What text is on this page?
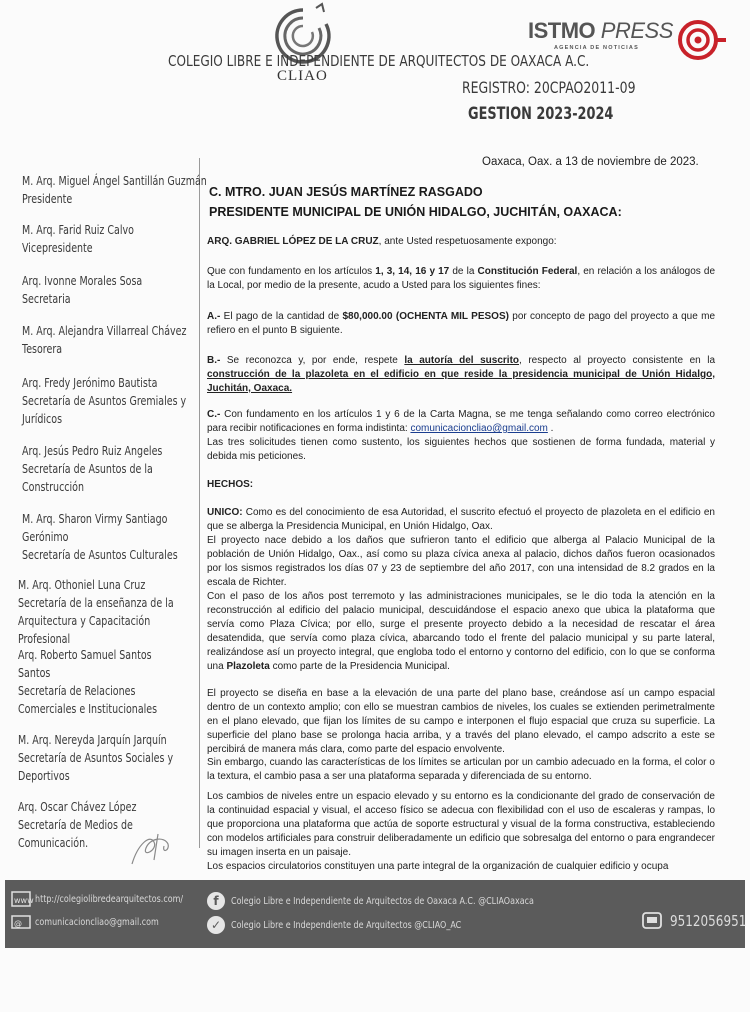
CLIAO
ISTMO PRESS
AGENCIA DE NOTICIAS
COLEGIO LIBRE E INDEPENDIENTE DE ARQUITECTOS DE OAXACA A.C.
REGISTRO: 20CPAO2011-09
GESTION 2023-2024
M. Arq. Miguel Ángel Santillán Guzmán
Presidente
M. Arq. Farid Ruiz Calvo
Vicepresidente
Arq. Ivonne Morales Sosa
Secretaria
M. Arq. Alejandra Villarreal Chávez
Tesorera
Arq. Fredy Jerónimo Bautista
Secretaría de Asuntos Gremiales y Jurídicos
Arq. Jesús Pedro Ruiz Angeles
Secretaría de Asuntos de la Construcción
M. Arq. Sharon Virmy Santiago Gerónimo
Secretaría de Asuntos Culturales
M. Arq. Othoniel Luna Cruz
Secretaría de la enseñanza de la Arquitectura y Capacitación Profesional
Arq. Roberto Samuel Santos Santos
Secretaría de Relaciones Comerciales e Institucionales
M. Arq. Nereyda Jarquín Jarquín
Secretaría de Asuntos Sociales y Deportivos
Arq. Oscar Chávez López
Secretaría de Medios de Comunicación.
Oaxaca, Oax. a 13 de noviembre de 2023.
C. MTRO. JUAN JESÚS MARTÍNEZ RASGADO
PRESIDENTE MUNICIPAL DE UNIÓN HIDALGO, JUCHITÁN, OAXACA:
ARQ. GABRIEL LÓPEZ DE LA CRUZ, ante Usted respetuosamente expongo:
Que con fundamento en los artículos 1, 3, 14, 16 y 17 de la Constitución Federal, en relación a los análogos de la Local, por medio de la presente, acudo a Usted para los siguientes fines:
A.- El pago de la cantidad de $80,000.00 (OCHENTA MIL PESOS) por concepto de pago del proyecto a que me refiero en el punto B siguiente.
B.- Se reconozca y, por ende, respete la autoría del suscrito, respecto al proyecto consistente en la construcción de la plazoleta en el edificio en que reside la presidencia municipal de Unión Hidalgo, Juchitán, Oaxaca.
C.- Con fundamento en los artículos 1 y 6 de la Carta Magna, se me tenga señalando como correo electrónico para recibir notificaciones en forma indistinta: comunicacioncliao@gmail.com .
Las tres solicitudes tienen como sustento, los siguientes hechos que sostienen de forma fundada, material y debida mis peticiones.
HECHOS:
UNICO: Como es del conocimiento de esa Autoridad, el suscrito efectuó el proyecto de plazoleta en el edificio en que se alberga la Presidencia Municipal, en Unión Hidalgo, Oax.
El proyecto nace debido a los daños que sufrieron tanto el edificio que alberga al Palacio Municipal de la población de Unión Hidalgo, Oax., así como su plaza cívica anexa al palacio, dichos daños fueron ocasionados por los sismos registrados los días 07 y 23 de septiembre del año 2017, con una intensidad de 8.2 grados en la escala de Richter.
Con el paso de los años post terremoto y las administraciones municipales, se le dio toda la atención en la reconstrucción al edificio del palacio municipal, descuidándose el espacio anexo que ubica la plataforma que servía como Plaza Cívica; por ello, surge el presente proyecto debido a la necesidad de rescatar el área desatendida, que servía como plaza cívica, abarcando todo el frente del palacio municipal y su parte lateral, realizándose así un proyecto integral, que engloba todo el entorno y contorno del edificio, con lo que se conforma una Plazoleta como parte de la Presidencia Municipal.
El proyecto se diseña en base a la elevación de una parte del plano base, creándose así un campo espacial dentro de un contexto amplio; con ello se muestran cambios de niveles, los cuales se extienden perimetralmente en el plano elevado, que fijan los límites de su campo e interponen el flujo espacial que cruza su superficie. La superficie del plano base se prolonga hacia arriba, y a través del plano elevado, el campo adscrito a este se percibirá de manera más clara, como parte del espacio envolvente.
Sin embargo, cuando las características de los límites se articulan por un cambio adecuado en la forma, el color o la textura, el cambio pasa a ser una plataforma separada y diferenciada de su entorno.
Los cambios de niveles entre un espacio elevado y su entorno es la condicionante del grado de conservación de la continuidad espacial y visual, el acceso físico se adecua con flexibilidad con el uso de escaleras y rampas, lo que proporciona una plataforma que actúa de soporte estructural y visual de la forma constructiva, estableciendo con modelos artificiales para construir deliberadamente un edificio que sobresalga del entorno o para engrandecer su imagen inserta en un paisaje.
Los espacios circulatorios constituyen una parte integral de la organización de cualquier edificio y ocupa
www http://colegiolibredearquitectos.com/
@ comunicacioncliao@gmail.com
f	Colegio Libre e Independiente de Arquitectos de Oaxaca A.C. @CLIAOaxaca
✓ Colegio Libre e Independiente de Arquitectos @CLIAO_AC	9512056951
